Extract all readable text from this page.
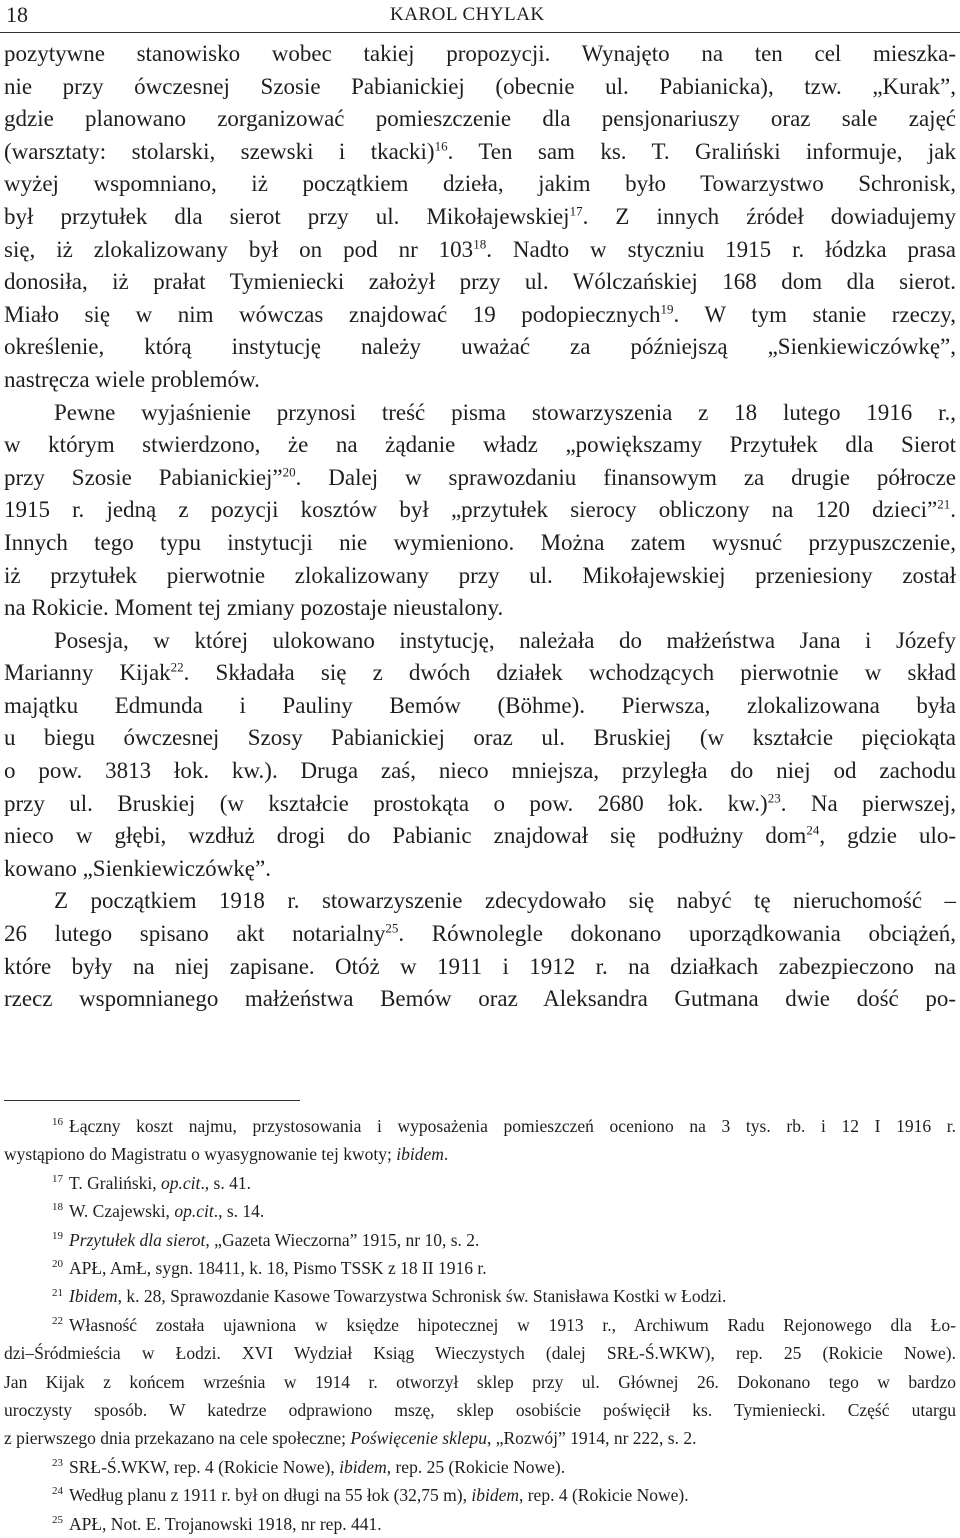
18	KAROL CHYLAK
pozytywne stanowisko wobec takiej propozycji. Wynajęto na ten cel mieszka-
nie przy ówczesnej Szosie Pabianickiej (obecnie ul. Pabianicka), tzw. „Kurak”,
gdzie planowano zorganizować pomieszczenie dla pensjonariuszy oraz sale zajęć
(warsztaty: stolarski, szewski i tkacki)$^{16}$. Ten sam ks. T. Graliński informuje, jak
wyżej wspomniano, iż początkiem dzieła, jakim było Towarzystwo Schronisk,
był przytułek dla sierot przy ul. Mikołajewskiej$^{17}$. Z innych źródeł dowiadujemy
się, iż zlokalizowany był on pod nr $103^{18}$. Nadto w styczniu 1915 r. łódzka prasa
donosiła, iż prałat Tymieniecki założył przy ul. Wólczańskiej 168 dom dla sierot.
Miało się w nim wówczas znajdować 19 podopiecznych$^{19}$. W tym stanie rzeczy,
określenie, którą instytucję należy uważać za późniejszą „Sienkiewiczówkę”,
nastręcza wiele problemów.
Pewne wyjaśnienie przynosi treść pisma stowarzyszenia z 18 lutego 1916 r.,
w którym stwierdzono, że na żądanie władz „powiększamy Przytułek dla Sierot
przy Szosie Pabianickiej”$^{20}$. Dalej w sprawozdaniu finansowym za drugie półrocze
1915 r. jedną z pozycji kosztów był „przytułek sierocy obliczony na 120 dzieci”$^{21}$.
Innych tego typu instytucji nie wymieniono. Można zatem wysnuć przypuszczenie,
iż przytułek pierwotnie zlokalizowany przy ul. Mikołajewskiej przeniesiony został
na Rokicie. Moment tej zmiany pozostaje nieustalony.
Posesja, w której ulokowano instytucję, należała do małżeństwa Jana i Józefy
Marianny Kijak$^{22}$. Składała się z dwóch działek wchodzących pierwotnie w skład
majątku Edmunda i Pauliny Bemów (Böhme). Pierwsza, zlokalizowana była
u biegu ówczesnej Szosy Pabianickiej oraz ul. Bruskiej (w kształcie pięciokąta
o pow. 3813 łok. kw.). Druga zaś, nieco mniejsza, przyległa do niej od zachodu
przy ul. Bruskiej (w kształcie prostokąta o pow. 2680 łok. kw.)$^{23}$. Na pierwszej,
nieco w głębi, wzdłuż drogi do Pabianic znajdował się podłużny dom$^{24}$, gdzie ulo-
kowano „Sienkiewiczówkę”.
Z początkiem 1918 r. stowarzyszenie zdecydowało się nabyć tę nieruchomość –
26 lutego spisano akt notarialny$^{25}$. Równolegle dokonano uporządkowania obciążeń,
które były na niej zapisane. Otóż w 1911 i 1912 r. na działkach zabezpieczono na
rzecz wspomnianego małżeństwa Bemów oraz Aleksandra Gutmana dwie dość po-
$^{16}$ Łączny koszt najmu, przystosowania i wyposażenia pomieszczeń oceniono na 3 tys. rb. i 12 I 1916 r.
wystąpiono do Magistratu o wyasygnowanie tej kwoty; ibidem.
$^{17}$ T. Graliński, op.cit., s. 41.
$^{18}$ W. Czajewski, op.cit., s. 14.
$^{19}$ Przytułek dla sierot, „Gazeta Wieczorna” 1915, nr 10, s. 2.
$^{20}$ APŁ, AmŁ, sygn. 18411, k. 18, Pismo TSSK z 18 II 1916 r.
$^{21}$ Ibidem, k. 28, Sprawozdanie Kasowe Towarzystwa Schronisk św. Stanisława Kostki w Łodzi.
$^{22}$ Własność została ujawniona w księdze hipotecznej w 1913 r., Archiwum Radu Rejonowego dla Ło-
dzi–Śródmieścia w Łodzi. XVI Wydział Ksiąg Wieczystych (dalej SRŁ-Ś.WKW), rep. 25 (Rokicie Nowe).
Jan Kijak z końcem września w 1914 r. otworzył sklep przy ul. Głównej 26. Dokonano tego w bardzo
uroczysty sposób. W katedrze odprawiono mszę, sklep osobiście poświęcił ks. Tymieniecki. Część utargu
z pierwszego dnia przekazano na cele społeczne; Poświęcenie sklepu, „Rozwój” 1914, nr 222, s. 2.
$^{23}$ SRŁ-Ś.WKW, rep. 4 (Rokicie Nowe), ibidem, rep. 25 (Rokicie Nowe).
$^{24}$ Według planu z 1911 r. był on długi na 55 łok (32,75 m), ibidem, rep. 4 (Rokicie Nowe).
$^{25}$ APŁ, Not. E. Trojanowski 1918, nr rep. 441.
